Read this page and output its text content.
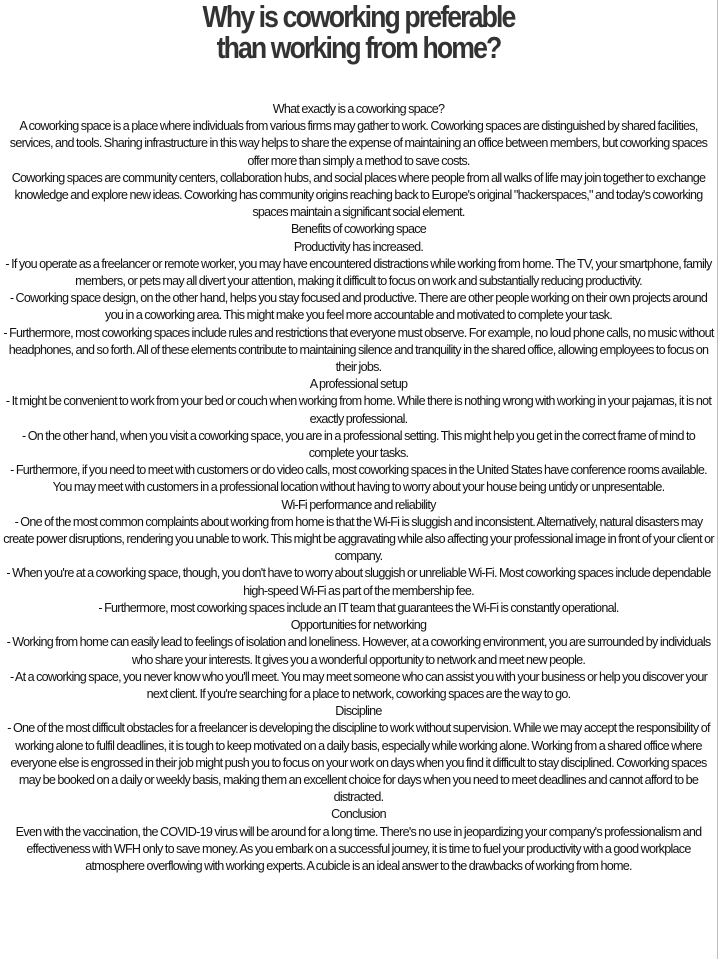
Why is coworking preferable
than working from home?

What exactly is a coworking space?

A coworking space is a place where individuals from various firms may gather to work. Coworking spaces are distinguished by shared facilities, services, and tools. Sharing infrastructure in this way helps to share the expense of maintaining an office between members, but coworking spaces offer more than simply a method to save costs.

Coworking spaces are community centers, collaboration hubs, and social places where people from all walks of life may join together to exchange knowledge and explore new ideas. Coworking has community origins reaching back to Europe's original "hackerspaces," and today's coworking spaces maintain a significant social element.

Benefits of coworking space

Productivity has increased.

- If you operate as a freelancer or remote worker, you may have encountered distractions while working from home. The TV, your smartphone, family members, or pets may all divert your attention, making it difficult to focus on work and substantially reducing productivity.

- Coworking space design, on the other hand, helps you stay focused and productive. There are other people working on their own projects around you in a coworking area. This might make you feel more accountable and motivated to complete your task.

- Furthermore, most coworking spaces include rules and restrictions that everyone must observe. For example, no loud phone calls, no music without headphones, and so forth. All of these elements contribute to maintaining silence and tranquility in the shared office, allowing employees to focus on their jobs.

A professional setup

- It might be convenient to work from your bed or couch when working from home. While there is nothing wrong with working in your pajamas, it is not exactly professional.

- On the other hand, when you visit a coworking space, you are in a professional setting. This might help you get in the correct frame of mind to complete your tasks.

- Furthermore, if you need to meet with customers or do video calls, most coworking spaces in the United States have conference rooms available. You may meet with customers in a professional location without having to worry about your house being untidy or unpresentable.

Wi-Fi performance and reliability

- One of the most common complaints about working from home is that the Wi-Fi is sluggish and inconsistent. Alternatively, natural disasters may create power disruptions, rendering you unable to work. This might be aggravating while also affecting your professional image in front of your client or company.

- When you're at a coworking space, though, you don't have to worry about sluggish or unreliable Wi-Fi. Most coworking spaces include dependable high-speed Wi-Fi as part of the membership fee.

- Furthermore, most coworking spaces include an IT team that guarantees the Wi-Fi is constantly operational.

Opportunities for networking

- Working from home can easily lead to feelings of isolation and loneliness. However, at a coworking environment, you are surrounded by individuals who share your interests. It gives you a wonderful opportunity to network and meet new people.

- At a coworking space, you never know who you'll meet. You may meet someone who can assist you with your business or help you discover your next client. If you're searching for a place to network, coworking spaces are the way to go.

Discipline

- One of the most difficult obstacles for a freelancer is developing the discipline to work without supervision. While we may accept the responsibility of working alone to fulfil deadlines, it is tough to keep motivated on a daily basis, especially while working alone. Working from a shared office where everyone else is engrossed in their job might push you to focus on your work on days when you find it difficult to stay disciplined. Coworking spaces may be booked on a daily or weekly basis, making them an excellent choice for days when you need to meet deadlines and cannot afford to be distracted.

Conclusion

Even with the vaccination, the COVID-19 virus will be around for a long time. There's no use in jeopardizing your company's professionalism and effectiveness with WFH only to save money. As you embark on a successful journey, it is time to fuel your productivity with a good workplace atmosphere overflowing with working experts. A cubicle is an ideal answer to the drawbacks of working from home.
